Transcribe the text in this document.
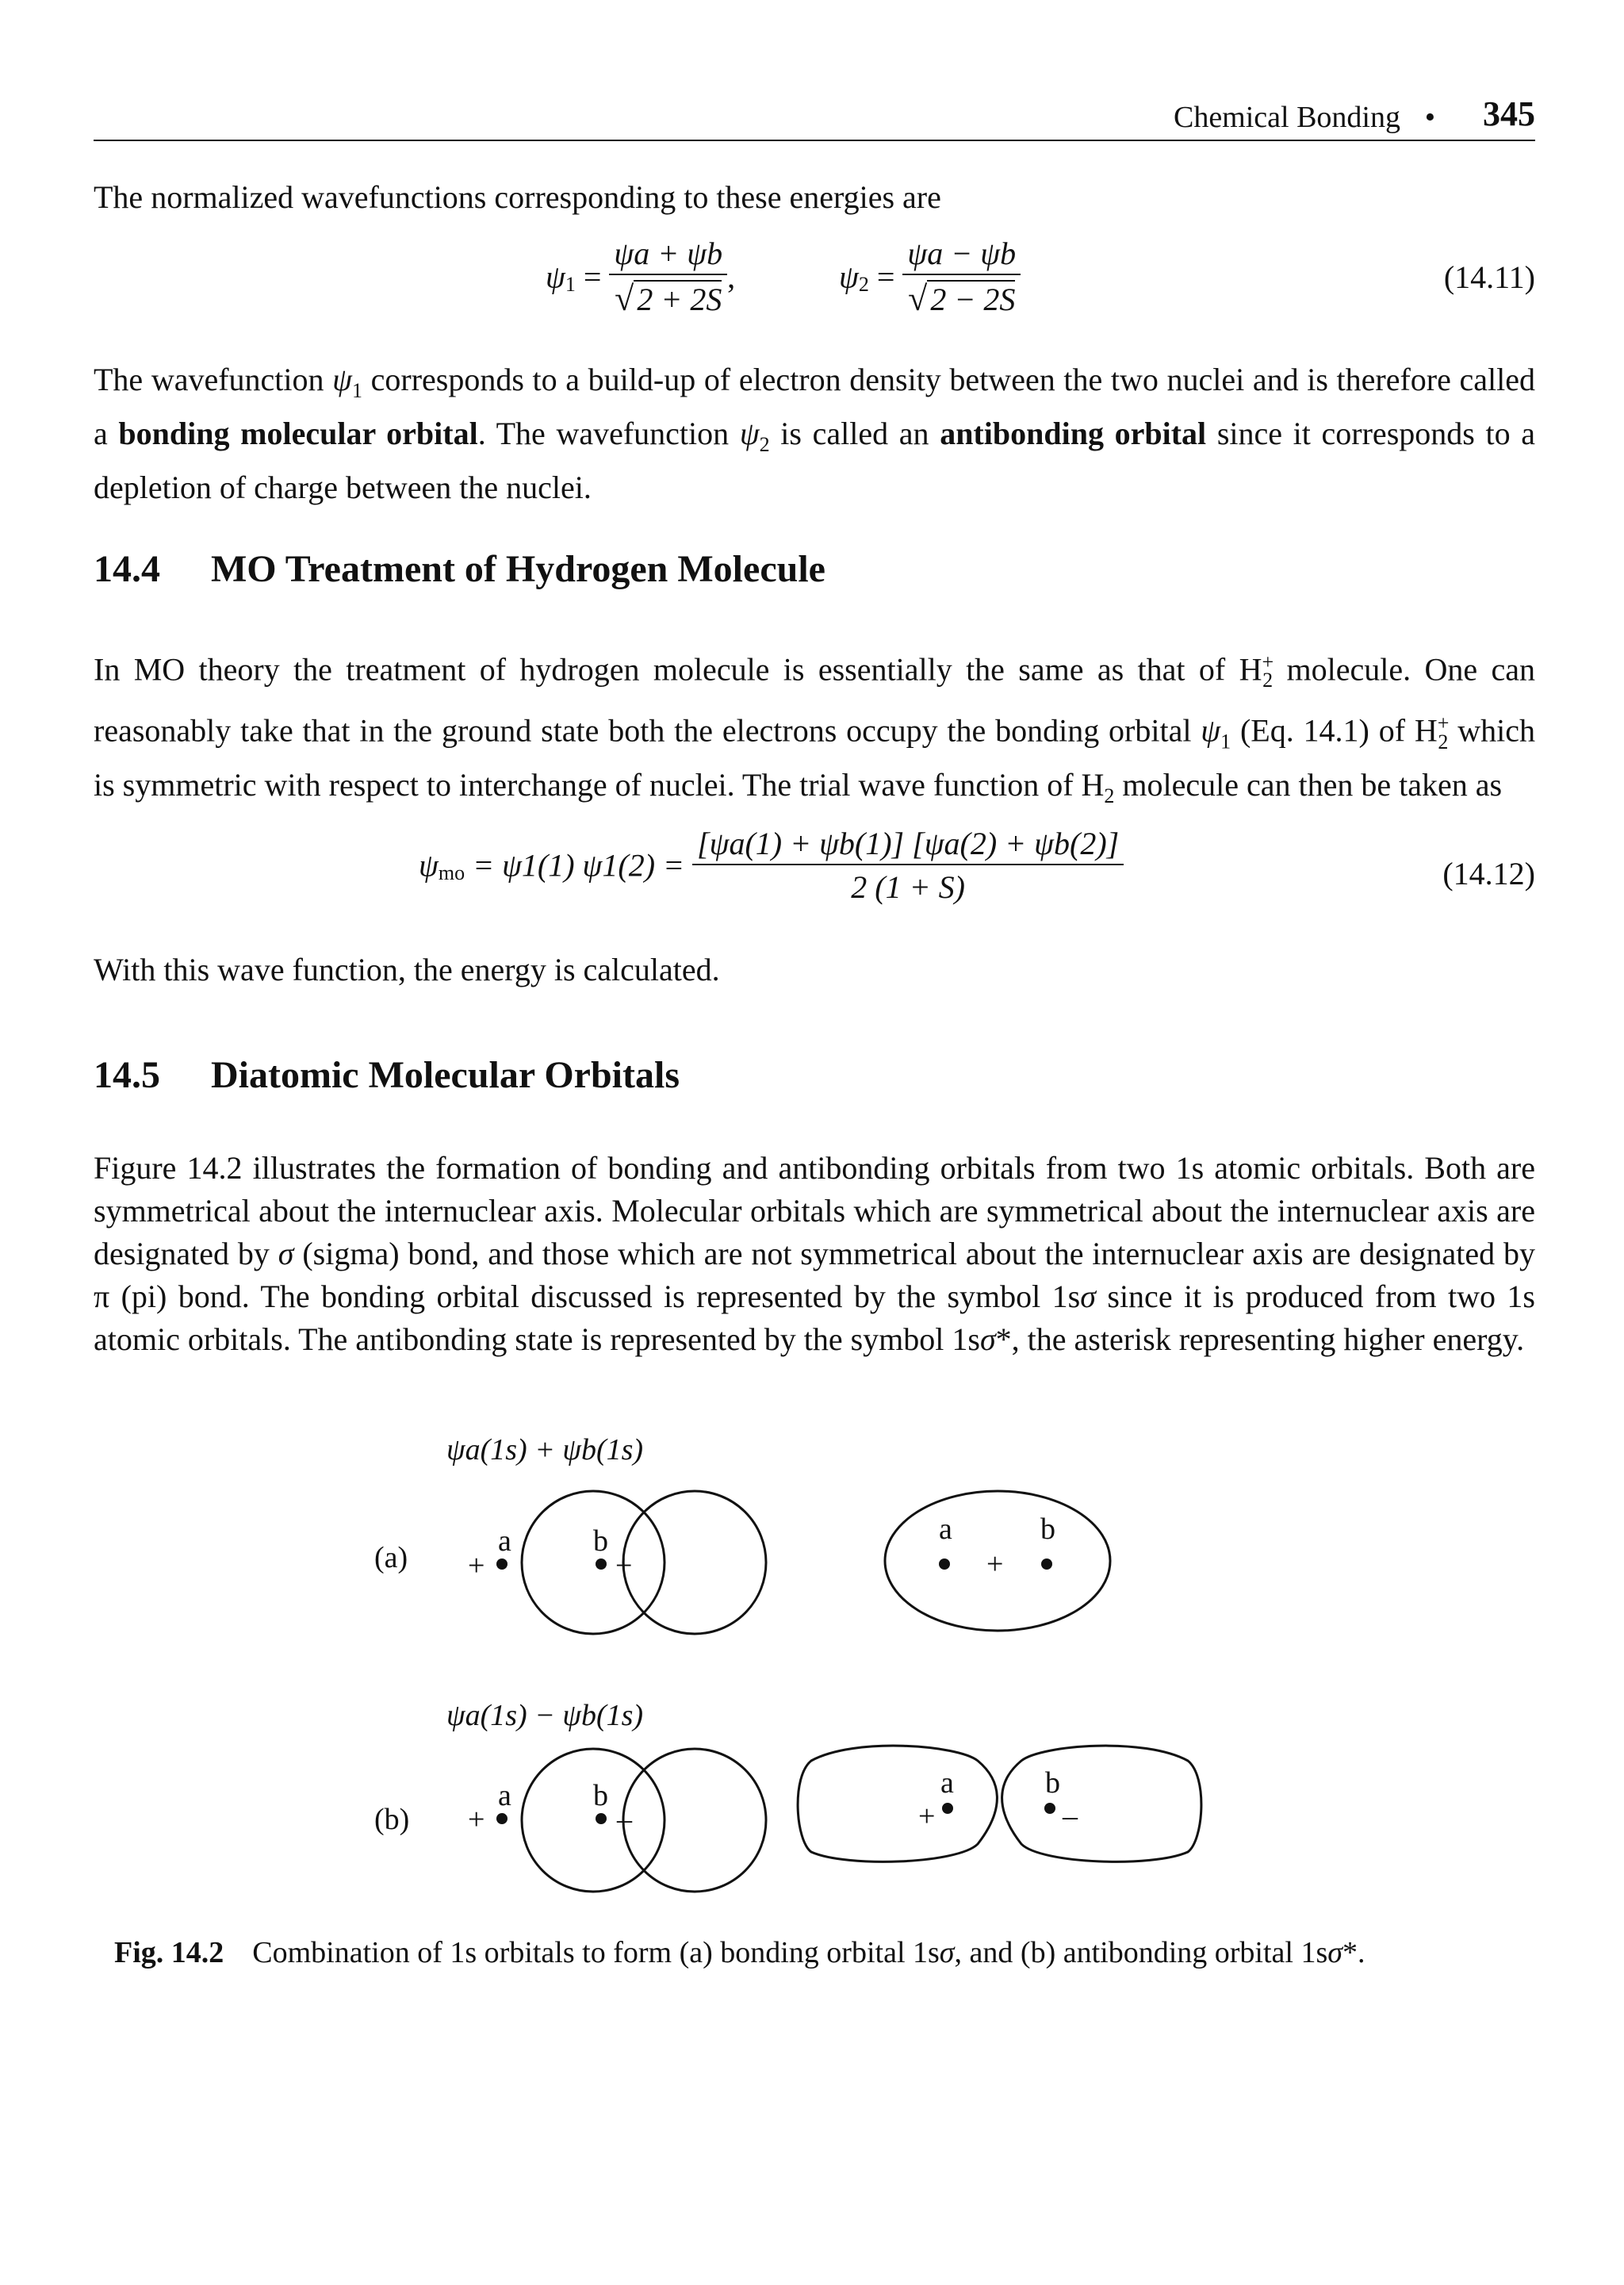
Chemical Bonding • 345

The normalized wavefunctions corresponding to these energies are

$\psi_1 = \frac{\psi a + \psi b}{√ 2 + 2S}$ ,	$\psi_2 = \frac{\psi a - \psi b}{√ 2 - 2S}$	(14.11)

The wavefunction $\psi_1$ corresponds to a build-up of electron density between the two nuclei and is therefore called a bonding molecular orbital. The wavefunction $\psi_2$ is called an antibonding orbital since it corresponds to a depletion of charge between the nuclei.

14.4 MO Treatment of Hydrogen Molecule

In MO theory the treatment of hydrogen molecule is essentially the same as that of $H^+_2$ molecule. One can reasonably take that in the ground state both the electrons occupy the bonding orbital $\psi_1$ (Eq. 14.1) of $H^+_2$ which is symmetric with respect to interchange of nuclei. The trial wave function of $H_2$ molecule can then be taken as

$\psi_{mo} = \psi 1(1) \psi 1(2) = \frac{[\psi a(1) + \psi b(1)] [\psi a(2) + \psi b(2)]}{2 (1 + S)}$	(14.12)

With this wave function, the energy is calculated.

14.5 Diatomic Molecular Orbitals

Figure 14.2 illustrates the formation of bonding and antibonding orbitals from two 1s atomic orbitals. Both are symmetrical about the internuclear axis. Molecular orbitals which are symmetrical about the internuclear axis are designated by σ (sigma) bond, and those which are not symmetrical about the internuclear axis are designated by π (pi) bond. The bonding orbital discussed is represented by the symbol 1sσ since it is produced from two 1s atomic orbitals. The antibonding state is represented by the symbol 1sσ*, the asterisk representing higher energy.

ψa(1s) + ψb(1s)
(a)	a	b
+	+
a	b
+
ψa(1s) − ψb(1s)
(b)
a	b
+	–
a	b
+	–
Fig. 14.2 Combination of 1s orbitals to form (a) bonding orbital 1sσ, and (b) antibonding orbital 1sσ*.
